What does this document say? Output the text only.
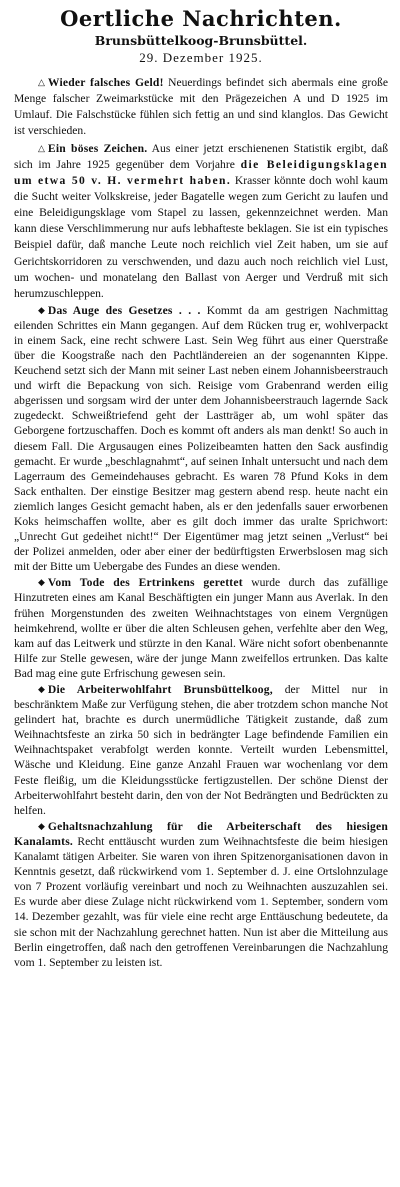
Oertliche Nachrichten.
Brunsbüttelkoog-Brunsbüttel.
29. Dezember 1925.

△ Wieder falsches Geld! Neuerdings befindet sich abermals eine große Menge falscher Zweimarkstücke mit den Prägezeichen A und D 1925 im Umlauf. Die Falschstücke fühlen sich fettig an und sind klanglos. Das Gewicht ist verschieden.

△ Ein böses Zeichen. Aus einer jetzt erschienenen Statistik ergibt, daß sich im Jahre 1925 gegenüber dem Vorjahre die Beleidigungsklagen um etwa 50 v. H. vermehrt haben. Krasser könnte doch wohl kaum die Sucht weiter Volkskreise, jeder Bagatelle wegen zum Gericht zu laufen und eine Beleidigungsklage vom Stapel zu lassen, gekennzeichnet werden. Man kann diese Verschlimmerung nur aufs lebhafteste beklagen. Sie ist ein typisches Beispiel dafür, daß manche Leute noch reichlich viel Zeit haben, um sie auf Gerichtskorridoren zu verschwenden, und dazu auch noch reichlich viel Lust, um wochen- und monatelang den Ballast von Aerger und Verdruß mit sich herumzuschleppen.

◆ Das Auge des Gesetzes . . . Kommt da am gestrigen Nachmittag eilenden Schrittes ein Mann gegangen. Auf dem Rücken trug er, wohlverpackt in einem Sack, eine recht schwere Last. Sein Weg führt aus einer Querstraße über die Koogstraße nach den Pachtländereien an der sogenannten Kippe. Keuchend setzt sich der Mann mit seiner Last neben einem Johannisbeerstrauch und wirft die Bepackung von sich. Reisige vom Grabenrand werden eilig abgerissen und sorgsam wird der unter dem Johannisbeerstrauch lagernde Sack zugedeckt. Schweißtriefend geht der Lastträger ab, um wohl später das Geborgene fortzuschaffen. Doch es kommt oft anders als man denkt! So auch in diesem Fall. Die Argusaugen eines Polizeibeamten hatten den Sack ausfindig gemacht. Er wurde „beschlagnahmt“, auf seinen Inhalt untersucht und nach dem Lagerraum des Gemeindehauses gebracht. Es waren 78 Pfund Koks in dem Sack enthalten. Der einstige Besitzer mag gestern abend resp. heute nacht ein ziemlich langes Gesicht gemacht haben, als er den jedenfalls sauer erworbenen Koks heimschaffen wollte, aber es gilt doch immer das uralte Sprichwort: „Unrecht Gut gedeihet nicht!“ Der Eigentümer mag jetzt seinen „Verlust“ bei der Polizei anmelden, oder aber einer der bedürftigsten Erwerbslosen mag sich mit der Bitte um Uebergabe des Fundes an diese wenden.

◆ Vom Tode des Ertrinkens gerettet wurde durch das zufällige Hinzutreten eines am Kanal Beschäftigten ein junger Mann aus Averlak. In den frühen Morgenstunden des zweiten Weihnachtstages von einem Vergnügen heimkehrend, wollte er über die alten Schleusen gehen, verfehlte aber den Weg, kam auf das Leitwerk und stürzte in den Kanal. Wäre nicht sofort obenbenannte Hilfe zur Stelle gewesen, wäre der junge Mann zweifellos ertrunken. Das kalte Bad mag eine gute Erfrischung gewesen sein.

◆ Die Arbeiterwohlfahrt Brunsbüttelkoog, der Mittel nur in beschränktem Maße zur Verfügung stehen, die aber trotzdem schon manche Not gelindert hat, brachte es durch unermüdliche Tätigkeit zustande, daß zum Weihnachtsfeste an zirka 50 sich in bedrängter Lage befindende Familien ein Weihnachtspaket verabfolgt werden konnte. Verteilt wurden Lebensmittel, Wäsche und Kleidung. Eine ganze Anzahl Frauen war wochenlang vor dem Feste fleißig, um die Kleidungsstücke fertigzustellen. Der schöne Dienst der Arbeiterwohlfahrt besteht darin, den von der Not Bedrängten und Bedrückten zu helfen.

◆ Gehaltsnachzahlung für die Arbeiterschaft des hiesigen Kanalamts. Recht enttäuscht wurden zum Weihnachtsfeste die beim hiesigen Kanalamt tätigen Arbeiter. Sie waren von ihren Spitzenorganisationen davon in Kenntnis gesetzt, daß rückwirkend vom 1. September d. J. eine Ortslohnzulage von 7 Prozent vorläufig vereinbart und noch zu Weihnachten auszuzahlen sei. Es wurde aber diese Zulage nicht rückwirkend vom 1. September, sondern vom 14. Dezember gezahlt, was für viele eine recht arge Enttäuschung bedeutete, da sie schon mit der Nachzahlung gerechnet hatten. Nun ist aber die Mitteilung aus Berlin eingetroffen, daß nach den getroffenen Vereinbarungen die Nachzahlung vom 1. September zu leisten ist.
